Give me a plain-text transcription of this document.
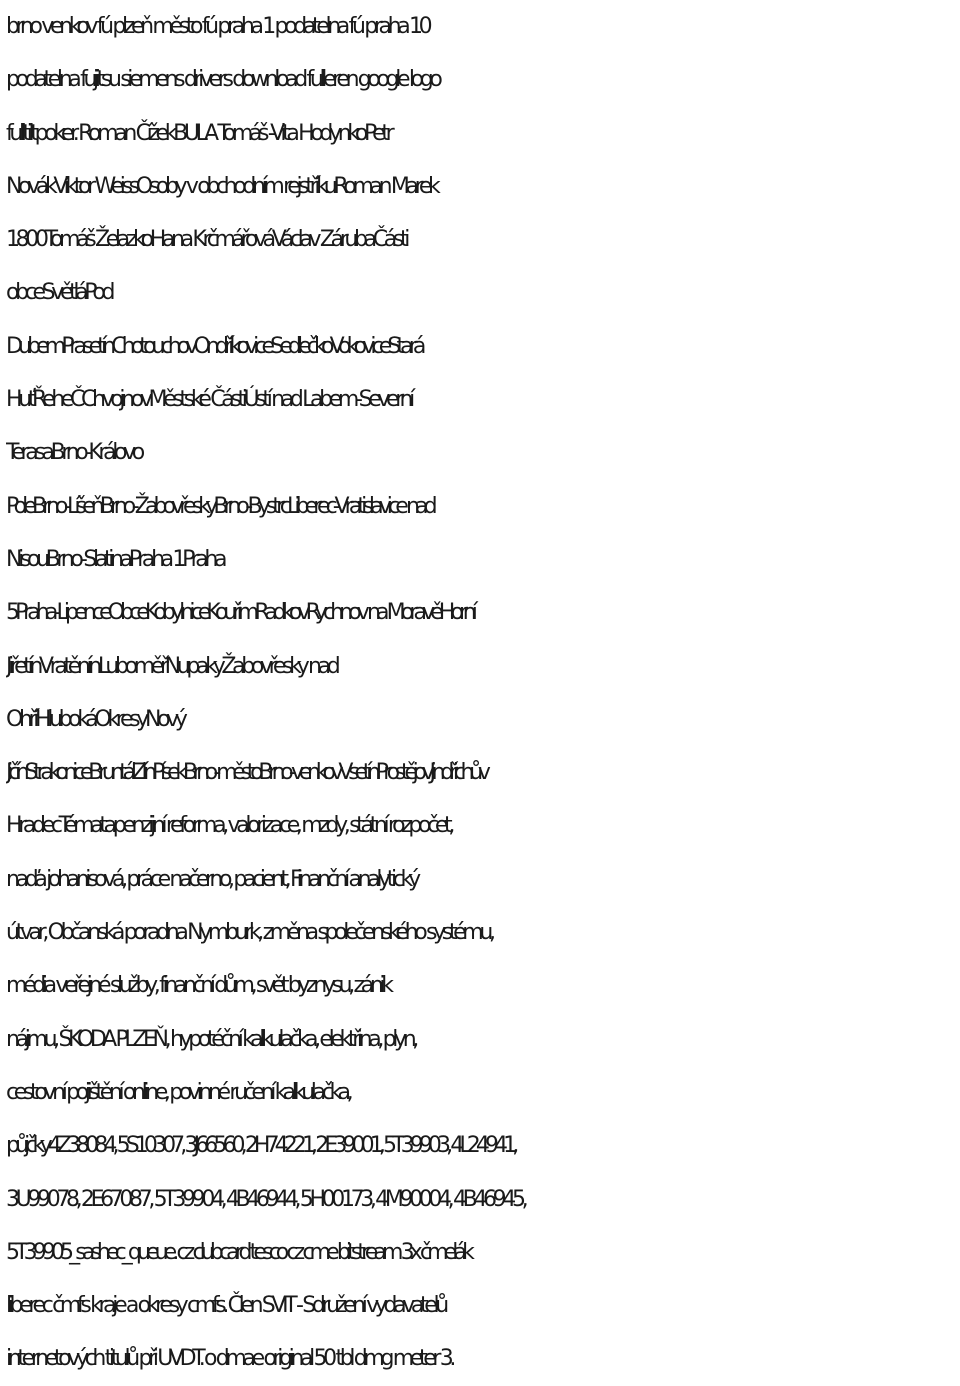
brno venkov fú plzeň město fú praha 1 podatelna fú praha 10
podatelna fujitsu siemens drivers download fulleren google logo
fulltiltpoker. Roman ČížekBULA Tomáš -Vita HodynkoPetr
NovákViktor WeissOsoby v obchodním rejstříkuRoman Marek
1800Tomáš ŽelazkoHana KrčmářováVáclav ZárubaČásti
obceSvětláPod
DubemPrasetínChotouchovOndříkoviceSedlečkoVokoviceStará
HuťŘeheČChvojnovMěstské ČástiÚstí nad Labem-Severní
TerasaBrno-Královo
PoleBrno-LíšeňBrno-ŽabovřeskyBrno-BystrcLiberec-Vratislavice nad
NisouBrno-SlatinaPraha 1Praha
5Praha-LipenceObceKobylniceKouřimRadkovRychnov na MoravěHorní
JiřetínVratěnínLuboměřNupakyŽabovřesky nad
OhříHlubokáOkresyNový
JičínStrakoniceBruntálZlínPísekBrno-městoBrno-venkovVsetínProstějovJindřichův
HradecTématapenzijní reforma, valorizace, mzdy, státní rozpočet,
naďa johanisová, práce načerno, pacient, Finanční analytický
útvar, Občanská poradna Nymburk, změna společenského systému,
média veřejné služby, finanční dům, svět byznysu, zánik
nájmu, ŠKODA PLZEŇ, hypotéční kalkulačka, elektřina, plyn,
cestovní pojištění online, povinné ručení kalkulačka,
půjčky4Z38084, 5S10307, 3J66560, 2H74221, 2E39001, 5T39903, 4L24941,
3U99078, 2E67087, 5T39904, 4B46944, 5H00173, 4M90004, 4B46945,
5T39905_sashec_queue. cz clubcard tesco cz cme bitstream 3x čmelák
liberec čmfs kraje a okresy cmfs. Člen SVIT - Sdružení vydavatelů
internetových titulů při UVDT. o dmae original 50 tbl dmg meter 3.
